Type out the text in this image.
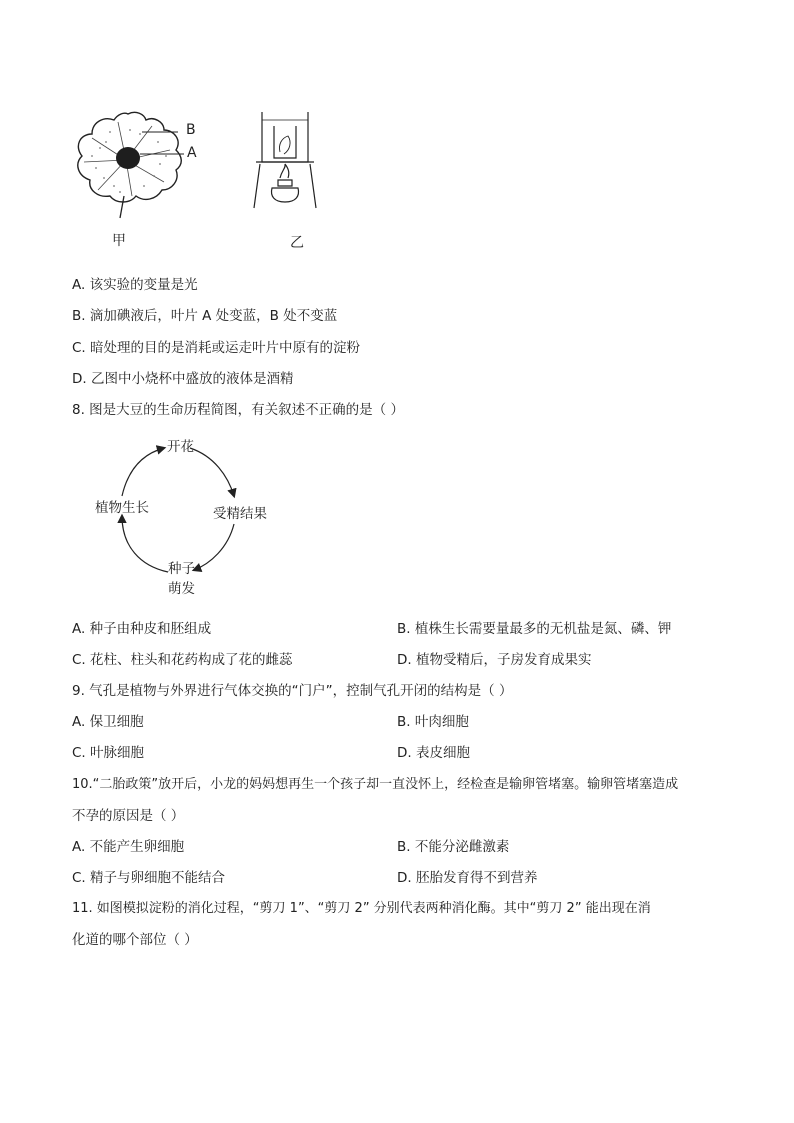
B
A
甲	乙
A. 该实验的变量是光
B. 滴加碘液后，叶片 A 处变蓝，B 处不变蓝
C. 暗处理的目的是消耗或运走叶片中原有的淀粉
D. 乙图中小烧杯中盛放的液体是酒精
8. 图是大豆的生命历程简图，有关叙述不正确的是（ ）
开花
受精结果
种子
萌发
植物生长
A. 种子由种皮和胚组成	B. 植株生长需要量最多的无机盐是氮、磷、钾
C. 花柱、柱头和花药构成了花的雌蕊	D. 植物受精后，子房发育成果实
9. 气孔是植物与外界进行气体交换的“门户”，控制气孔开闭的结构是（ ）
A. 保卫细胞	B. 叶肉细胞
C. 叶脉细胞	D. 表皮细胞
10.“二胎政策”放开后，小龙的妈妈想再生一个孩子却一直没怀上，经检查是输卵管堵塞。输卵管堵塞造成
不孕的原因是（ ）
A. 不能产生卵细胞	B. 不能分泌雌激素
C. 精子与卵细胞不能结合	D. 胚胎发育得不到营养
11. 如图模拟淀粉的消化过程，“剪刀 1”、“剪刀 2” 分别代表两种消化酶。其中“剪刀 2” 能出现在消
化道的哪个部位（ ）
